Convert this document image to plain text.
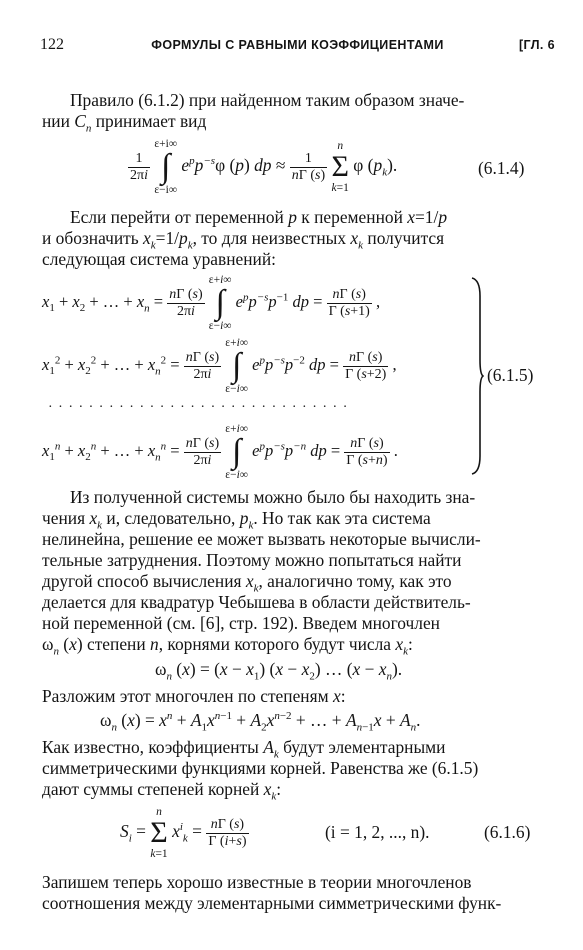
122	ФОРМУЛЫ С РАВНЫМИ КОЭФФИЦИЕНТАМИ	[ГЛ. 6
Правило (6.1.2) при найденном таким образом значе-
нии $C_n$ принимает вид
$\frac{1}{2\pi i}$
ε+i∞
∫
ε−i∞ $e^pp^{-s}\varphi$ (p) dp ≈ $\frac{1}{n\Gamma (s)}$
n
Σ
k=1 φ $(p_k)$.	(6.1.4)
Если перейти от переменной p к переменной x=1/p
и обозначить $x_k=1/p_k$, то для неизвестных $x_k$ получится
следующая система уравнений:
$x_1 + x_2$ + … + $x_n = \frac{n\Gamma (s)}{2\pi i}$
ε+i∞
∫
ε−i∞ $e^pp^{-s}p^{-1}$ dp = $\frac{n\Gamma (s)}{\Gamma (s+1)}$ ,
$x_1^2 + x_2^2$ + … + $x_n^2 = \frac{n\Gamma (s)}{2\pi i}$
ε+i∞
∫
ε−i∞ $e^pp^{-s}p^{-2}$ dp = $\frac{n\Gamma (s)}{\Gamma (s+2)}$ ,
· · · · · · · · · · · · · · · · · · · · · · · · · · · · · ·
$x_1^n + x_2^n$ + … + $x_n^n = \frac{n\Gamma (s)}{2\pi i}$
ε+i∞
∫
ε−i∞ $e^pp^{-s}p^{-n}$ dp = $\frac{n\Gamma (s)}{\Gamma (s+n)}$ .
(6.1.5)
Из полученной системы можно было бы находить зна-
чения $x_k$ и, следовательно, $p_k$. Но так как эта система
нелинейна, решение ее может вызвать некоторые вычисли-
тельные затруднения. Поэтому можно попытаться найти
другой способ вычисления $x_k$, аналогично тому, как это
делается для квадратур Чебышева в области действитель-
ной переменной (см. [6], стр. 192). Введем многочлен
$\omega_n$ (x) степени n, корнями которого будут числа $x_k$:
$\omega_n$ $(x) = (x - x_1)$ $(x - x_2)$ … $(x - x_n)$.
Разложим этот многочлен по степеням x:
$\omega_n$ $(x) = x^n + A_1x^{n-1} + A_2x^{n-2}$ + … + $A_{n-1}x + A_n$.
Как известно, коэффициенты $A_k$ будут элементарными
симметрическими функциями корней. Равенства же (6.1.5)
дают суммы степеней корней $x_k$:
$S_i = n$
Σ
k=1 $x^i_k = \frac{n\Gamma (s)}{\Gamma (i+s)}$	(i = 1, 2, ..., n).	(6.1.6)
Запишем теперь хорошо известные в теории многочленов
соотношения между элементарными симметрическими функ-
